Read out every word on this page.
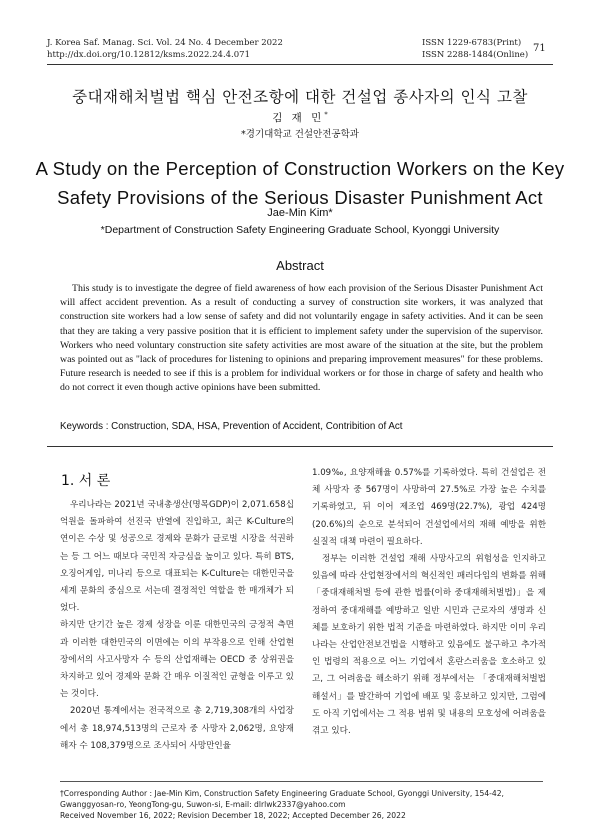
J. Korea Saf. Manag. Sci. Vol. 24 No. 4 December 2022
http://dx.doi.org/10.12812/ksms.2022.24.4.071
ISSN 1229-6783(Print)
ISSN 2288-1484(Online)
71
중대재해처벌법 핵심 안전조항에 대한 건설업 종사자의 인식 고찰
김 재 민*
*경기대학교 건설안전공학과
A Study on the Perception of Construction Workers on the Key
Safety Provisions of the Serious Disaster Punishment Act
Jae-Min Kim*
*Department of Construction Safety Engineering Graduate School, Kyonggi University
Abstract

This study is to investigate the degree of field awareness of how each provision of the Serious Disaster Punishment Act will affect accident prevention. As a result of conducting a survey of construction site workers, it was analyzed that construction site workers had a low sense of safety and did not voluntarily engage in safety activities. And it can be seen that they are taking a very passive position that it is efficient to implement safety under the supervision of the supervisor. Workers who need voluntary construction site safety activities are most aware of the situation at the site, but the problem was pointed out as "lack of procedures for listening to opinions and preparing improvement measures" for these problems. Future research is needed to see if this is a problem for individual workers or for those in charge of safety and health who do not correct it even though active opinions have been submitted.

Keywords : Construction, SDA, HSA, Prevention of Accident, Contribition of Act
1. 서 론

우리나라는 2021년 국내총생산(명목GDP)이 2,071.658십억원을 돌파하여 선진국 반열에 진입하고, 최근 K-Culture의 연이은 수상 및 성공으로 경제와 문화가 글로벌 시장을 석권하는 등 그 어느 때보다 국민적 자긍심을 높이고 있다. 특히 BTS, 오징어게임, 미나리 등으로 대표되는 K-Culture는 대한민국을 세계 문화의 중심으로 서는데 결정적인 역할을 한 매개체가 되었다.

하지만 단기간 높은 경제 성장을 이룬 대한민국의 긍정적 측면과 이러한 대한민국의 이면에는 이의 부작용으로 인해 산업현장에서의 사고사망자 수 등의 산업재해는 OECD 중 상위권을 차지하고 있어 경제와 문화 간 매우 이질적인 균형을 이루고 있는 것이다.

2020년 통계에서는 전국적으로 총 2,719,308개의 사업장에서 총 18,974,513명의 근로자 중 사망자 2,062명, 요양재해자 수 108,379명으로 조사되어 사망만인율

1.09‰, 요양재해율 0.57%를 기록하였다. 특히 건설업은 전체 사망자 중 567명이 사망하여 27.5%로 가장 높은 수치를 기록하였고, 뒤 이어 제조업 469명(22.7%), 광업 424명(20.6%)의 순으로 분석되어 건설업에서의 재해 예방을 위한 실질적 대책 마련이 필요하다.

정부는 이러한 건설업 재해 사망사고의 위험성을 인지하고 있음에 따라 산업현장에서의 혁신적인 패러다임의 변화를 위해 「중대재해처벌 등에 관한 법률(이하 중대재해처벌법)」을 제정하여 중대재해를 예방하고 일반 시민과 근로자의 생명과 신체를 보호하기 위한 법적 기준을 마련하였다. 하지만 이미 우리나라는 산업안전보건법을 시행하고 있음에도 불구하고 추가적인 법령의 적용으로 어느 기업에서 혼란스러움을 호소하고 있고, 그 어려움을 해소하기 위해 정부에서는 「중대재해처벌법 해설서」를 발간하여 기업에 배포 및 홍보하고 있지만, 그럼에도 아직 기업에서는 그 적용 범위 및 내용의 모호성에 어려움을 겪고 있다.

†Corresponding Author : Jae-Min Kim, Construction Safety Engineering Graduate School, Gyonggi University, 154-42, Gwanggyosan-ro, YeongTong-gu, Suwon-si, E-mail: dlrlwk2337@yahoo.com
Received November 16, 2022; Revision December 18, 2022; Accepted December 26, 2022
